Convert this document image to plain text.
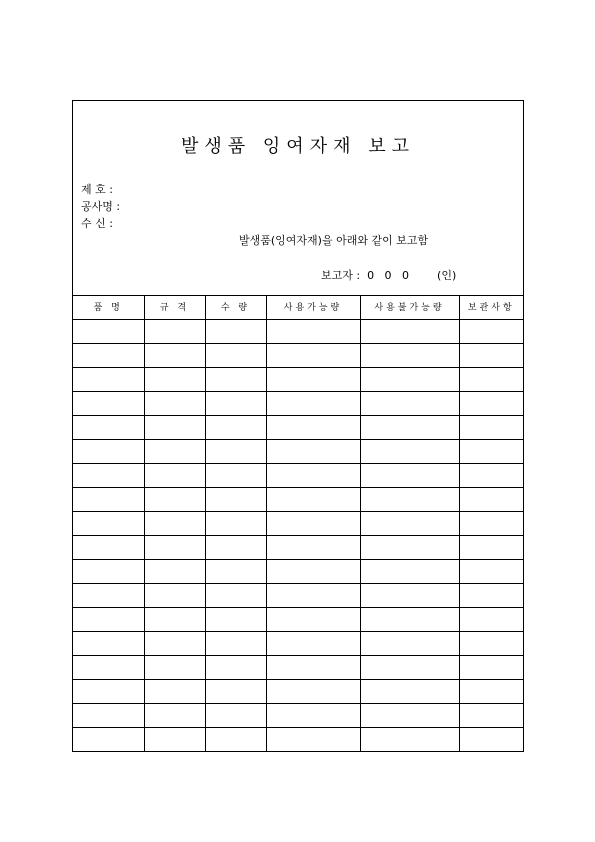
발생품 잉여자재 보고
제 호 :
공사명 :
수 신 :
발생품(잉여자재)을 아래와 같이 보고함
보고자 :  0   0   0        (인)
품 명	규 격	수 량	사용가능량	사용불가능량	보관사항
